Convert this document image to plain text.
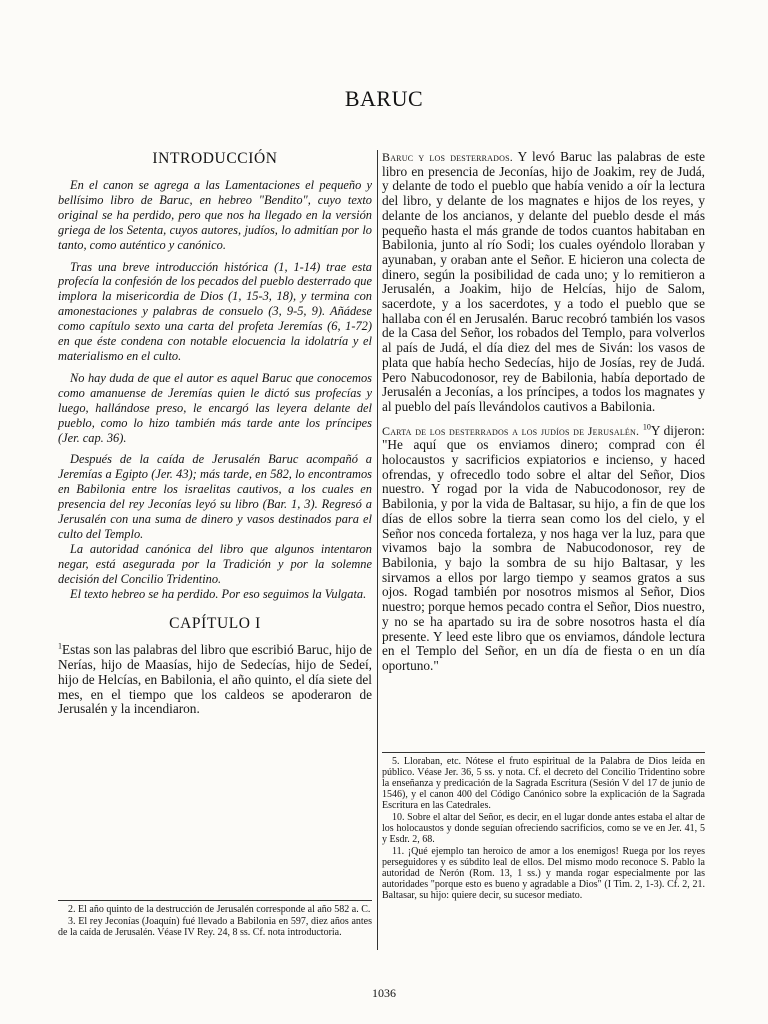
BARUC
INTRODUCCIÓN

En el canon se agrega a las Lamentaciones el pequeño y bellísimo libro de Baruc, en hebreo "Bendito", cuyo texto original se ha perdido, pero que nos ha llegado en la versión griega de los Setenta, cuyos autores, judíos, lo admitían por lo tanto, como auténtico y canónico.

Tras una breve introducción histórica (1, 1-14) trae esta profecía la confesión de los pecados del pueblo desterrado que implora la misericordia de Dios (1, 15-3, 18), y termina con amonestaciones y palabras de consuelo (3, 9-5, 9). Añádese como capítulo sexto una carta del profeta Jeremías (6, 1-72) en que éste condena con notable elocuencia la idolatría y el materialismo en el culto.

No hay duda de que el autor es aquel Baruc que conocemos como amanuense de Jeremías quien le dictó sus profecías y luego, hallándose preso, le encargó las leyera delante del pueblo, como lo hizo también más tarde ante los príncipes (Jer. cap. 36).

Después de la caída de Jerusalén Baruc acompañó a Jeremías a Egipto (Jer. 43); más tarde, en 582, lo encontramos en Babilonia entre los israelitas cautivos, a los cuales en presencia del rey Jeconías leyó su libro (Bar. 1, 3). Regresó a Jerusalén con una suma de dinero y vasos destinados para el culto del Templo.

La autoridad canónica del libro que algunos intentaron negar, está asegurada por la Tradición y por la solemne decisión del Concilio Tridentino.

El texto hebreo se ha perdido. Por eso seguimos la Vulgata.

CAPÍTULO I

$^1$Estas son las palabras del libro que escribió Baruc, hijo de Nerías, hijo de Maasías, hijo de Sedecías, hijo de Sedeí, hijo de Helcías, en Babilonia, el año quinto, el día siete del mes, en el tiempo que los caldeos se apoderaron de Jerusalén y la incendiaron.

Baruc y los desterrados. Y levó Baruc las palabras de este libro en presencia de Jeconías, hijo de Joakim, rey de Judá, y delante de todo el pueblo que había venido a oír la lectura del libro, y delante de los magnates e hijos de los reyes, y delante de los ancianos, y delante del pueblo desde el más pequeño hasta el más grande de todos cuantos habitaban en Babilonia, junto al río Sodi; los cuales oyéndolo lloraban y ayunaban, y oraban ante el Señor. E hicieron una colecta de dinero, según la posibilidad de cada uno; y lo remitieron a Jerusalén, a Joakim, hijo de Helcías, hijo de Salom, sacerdote, y a los sacerdotes, y a todo el pueblo que se hallaba con él en Jerusalén. Baruc recobró también los vasos de la Casa del Señor, los robados del Templo, para volverlos al país de Judá, el día diez del mes de Siván: los vasos de plata que había hecho Sedecías, hijo de Josías, rey de Judá. Pero Nabucodonosor, rey de Babilonia, había deportado de Jerusalén a Jeconías, a los príncipes, a todos los magnates y al pueblo del país llevándolos cautivos a Babilonia.

Carta de los desterrados a los judíos de Jerusalén. $^{10}$Y dijeron: "He aquí que os enviamos dinero; comprad con él holocaustos y sacrificios expiatorios e incienso, y haced ofrendas, y ofrecedlo todo sobre el altar del Señor, Dios nuestro. Y rogad por la vida de Nabucodonosor, rey de Babilonia, y por la vida de Baltasar, su hijo, a fin de que los días de ellos sobre la tierra sean como los del cielo, y el Señor nos conceda fortaleza, y nos haga ver la luz, para que vivamos bajo la sombra de Nabucodonosor, rey de Babilonia, y bajo la sombra de su hijo Baltasar, y les sirvamos a ellos por largo tiempo y seamos gratos a sus ojos. Rogad también por nosotros mismos al Señor, Dios nuestro; porque hemos pecado contra el Señor, Dios nuestro, y no se ha apartado su ira de sobre nosotros hasta el día presente. Y leed este libro que os enviamos, dándole lectura en el Templo del Señor, en un día de fiesta o en un día oportuno."

2. El año quinto de la destrucción de Jerusalén corresponde al año 582 a. C.

3. El rey Jeconías (Joaquín) fué llevado a Babilonia en 597, diez años antes de la caída de Jerusalén. Véase IV Rey. 24, 8 ss. Cf. nota introductoria.

5. Lloraban, etc. Nótese el fruto espiritual de la Palabra de Dios leída en público. Véase Jer. 36, 5 ss. y nota. Cf. el decreto del Concilio Tridentino sobre la enseñanza y predicación de la Sagrada Escritura (Sesión V del 17 de junio de 1546), y el canon 400 del Código Canónico sobre la explicación de la Sagrada Escritura en las Catedrales.

10. Sobre el altar del Señor, es decir, en el lugar donde antes estaba el altar de los holocaustos y donde seguían ofreciendo sacrificios, como se ve en Jer. 41, 5 y Esdr. 2, 68.

11. ¡Qué ejemplo tan heroico de amor a los enemigos! Ruega por los reyes perseguidores y es súbdito leal de ellos. Del mismo modo reconoce S. Pablo la autoridad de Nerón (Rom. 13, 1 ss.) y manda rogar especialmente por las autoridades "porque esto es bueno y agradable a Dios" (I Tim. 2, 1-3). Cf. 2, 21. Baltasar, su hijo: quiere decir, su sucesor mediato.

1036
